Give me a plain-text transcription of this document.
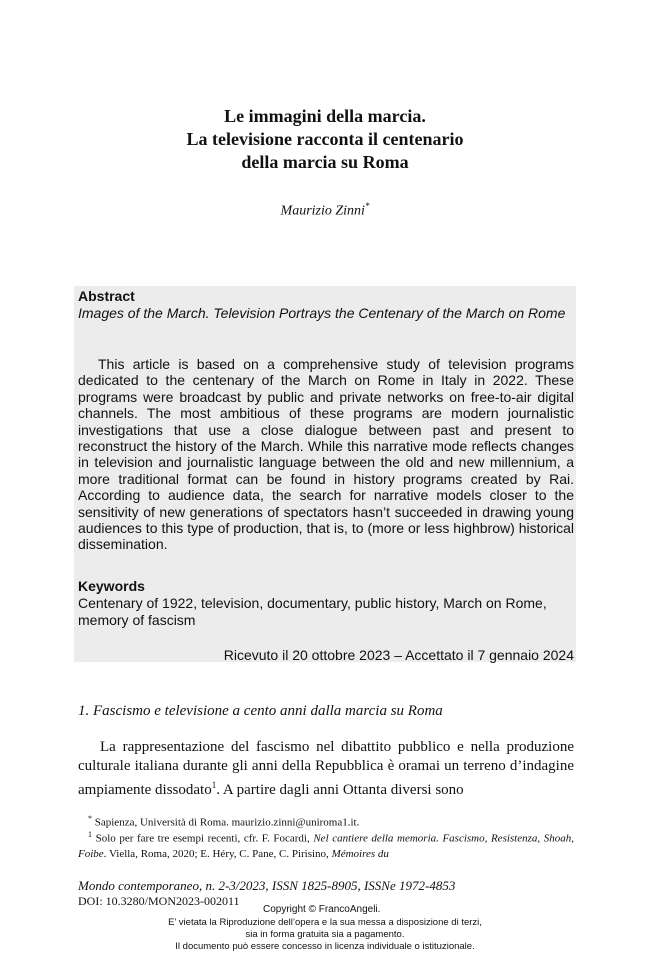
Le immagini della marcia.
La televisione racconta il centenario
della marcia su Roma
Maurizio Zinni*
Abstract
Images of the March. Television Portrays the Centenary of the March on Rome
This article is based on a comprehensive study of television programs dedicated to the centenary of the March on Rome in Italy in 2022. These programs were broadcast by public and private networks on free-to-air digital channels. The most ambitious of these programs are modern journalistic investigations that use a close dialogue between past and present to reconstruct the history of the March. While this narrative mode reflects changes in television and journalistic language between the old and new millennium, a more traditional format can be found in history programs created by Rai. According to audience data, the search for narrative models closer to the sensitivity of new generations of spectators hasn’t succeeded in drawing young audiences to this type of production, that is, to (more or less highbrow) historical dissemination.
Keywords
Centenary of 1922, television, documentary, public history, March on Rome, memory of fascism
Ricevuto il 20 ottobre 2023 – Accettato il 7 gennaio 2024
1. Fascismo e televisione a cento anni dalla marcia su Roma
La rappresentazione del fascismo nel dibattito pubblico e nella produzione culturale italiana durante gli anni della Repubblica è oramai un terreno d’indagine ampiamente dissodato$^1$. A partire dagli anni Ottanta diversi sono
* Sapienza, Università di Roma. maurizio.zinni@uniroma1.it.
$^1$ Solo per fare tre esempi recenti, cfr. F. Focardi, Nel cantiere della memoria. Fascismo, Resistenza, Shoah, Foibe. Viella, Roma, 2020; E. Héry, C. Pane, C. Pirisino, Mémoires du
Mondo contemporaneo, n. 2-3/2023, ISSN 1825-8905, ISSNe 1972-4853
DOI: 10.3280/MON2023-002011
Copyright © FrancoAngeli.
E’ vietata la Riproduzione dell’opera e la sua messa a disposizione di terzi,
sia in forma gratuita sia a pagamento.
Il documento può essere concesso in licenza individuale o istituzionale.
